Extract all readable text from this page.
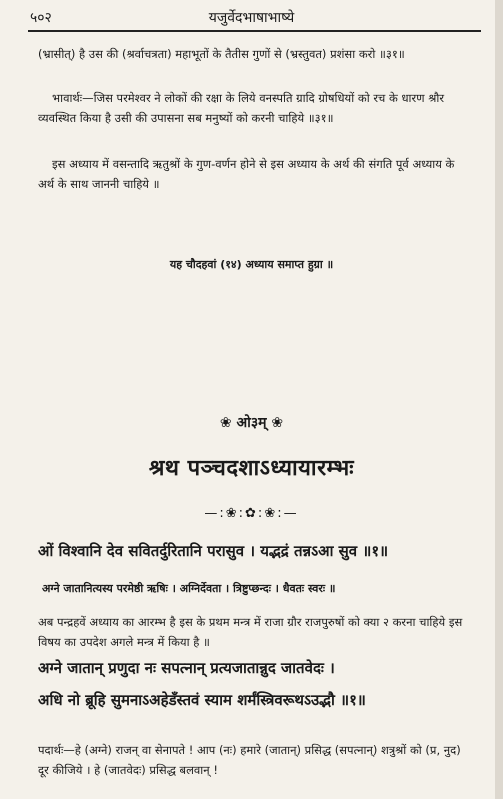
५०२	यजुर्वेदभाषाभाष्ये
(भ्रासीत्) है उस की (श्रर्वाचत्रता) महाभूतों के तैतीस गुणों से (भ्रस्तुवत) प्रशंसा करो ॥३१॥
भावार्थः—जिस परमेश्वर ने लोकों की रक्षा के लिये वनस्पति ग्रादि ग्रोषधियों को रच के धारण श्रौर व्यवस्थित किया है उसी की उपासना सब मनुष्यों को करनी चाहिये ॥३१॥
इस अध्याय में वसन्तादि ऋतुश्रों के गुण-वर्णन होने से इस अध्याय के अर्थ की संगति पूर्व अध्याय के अर्थ के साथ जाननी चाहिये ॥
यह चौदहवां (१४) अध्याय समाप्त हुग्रा ॥
❀ ओ३म् ❀
श्रथ पञ्चदशाऽध्यायारम्भः
—:❀:✿:❀:—
ओं विश्वानि देव सवितर्दुरितानि परासुव । यद्भद्रं तन्नऽआ सुव ॥१॥
अग्ने जातानित्यस्य परमेष्ठी ऋषिः । अग्निर्देवता । त्रिष्टुप्छन्दः । धैवतः स्वरः ॥
अब पन्द्रहवें अध्याय का आरम्भ है इस के प्रथम मन्त्र में राजा ग्रौर राजपुरुषों को क्या २ करना चाहिये इस विषय का उपदेश अगले मन्त्र में किया है ॥
अग्ने जातान् प्रणुदा नः सपत्नान् प्रत्यजातान्नुद जातवेदः ।
अधि नो ब्रूहि सुमनाऽअहेडँस्तवं स्याम शर्मंस्त्रिवरूथऽउद्भौ ॥१॥
पदार्थः—हे (अग्ने) राजन् वा सेनापते ! आप (नः) हमारे (जातान्) प्रसिद्ध (सपत्नान्) शत्रुश्रों को (प्र, नुद) दूर कीजिये । हे (जातवेदः) प्रसिद्ध बलवान् !
